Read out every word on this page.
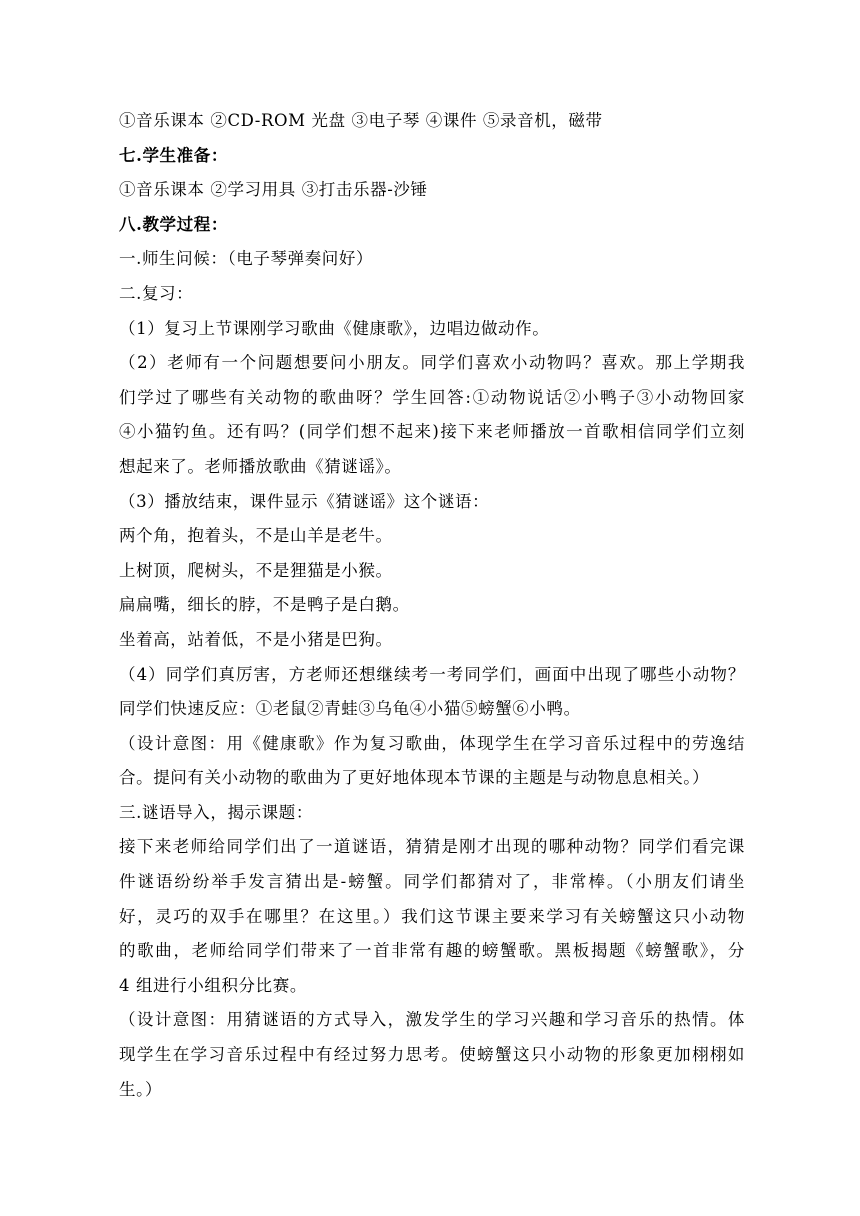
①音乐课本 ②CD-ROM 光盘 ③电子琴 ④课件 ⑤录音机，磁带
七.学生准备：
①音乐课本 ②学习用具 ③打击乐器-沙锤
八.教学过程：
一.师生问候：（电子琴弹奏问好）
二.复习：
（1）复习上节课刚学习歌曲《健康歌》，边唱边做动作。
（2）老师有一个问题想要问小朋友。同学们喜欢小动物吗？喜欢。那上学期我
们学过了哪些有关动物的歌曲呀？学生回答:①动物说话②小鸭子③小动物回家
④小猫钓鱼。还有吗？(同学们想不起来)接下来老师播放一首歌相信同学们立刻
想起来了。老师播放歌曲《猜谜谣》。
（3）播放结束，课件显示《猜谜谣》这个谜语：
两个角，抱着头，不是山羊是老牛。
上树顶，爬树头，不是狸猫是小猴。
扁扁嘴，细长的脖，不是鸭子是白鹅。
坐着高，站着低，不是小猪是巴狗。
（4）同学们真厉害，方老师还想继续考一考同学们，画面中出现了哪些小动物？
同学们快速反应：①老鼠②青蛙③乌龟④小猫⑤螃蟹⑥小鸭。
（设计意图：用《健康歌》作为复习歌曲，体现学生在学习音乐过程中的劳逸结
合。提问有关小动物的歌曲为了更好地体现本节课的主题是与动物息息相关。）
三.谜语导入，揭示课题：
接下来老师给同学们出了一道谜语，猜猜是刚才出现的哪种动物？同学们看完课
件谜语纷纷举手发言猜出是-螃蟹。同学们都猜对了，非常棒。（小朋友们请坐
好，灵巧的双手在哪里？在这里。）我们这节课主要来学习有关螃蟹这只小动物
的歌曲，老师给同学们带来了一首非常有趣的螃蟹歌。黑板揭题《螃蟹歌》，分
4 组进行小组积分比赛。
（设计意图：用猜谜语的方式导入，激发学生的学习兴趣和学习音乐的热情。体
现学生在学习音乐过程中有经过努力思考。使螃蟹这只小动物的形象更加栩栩如
生。）
